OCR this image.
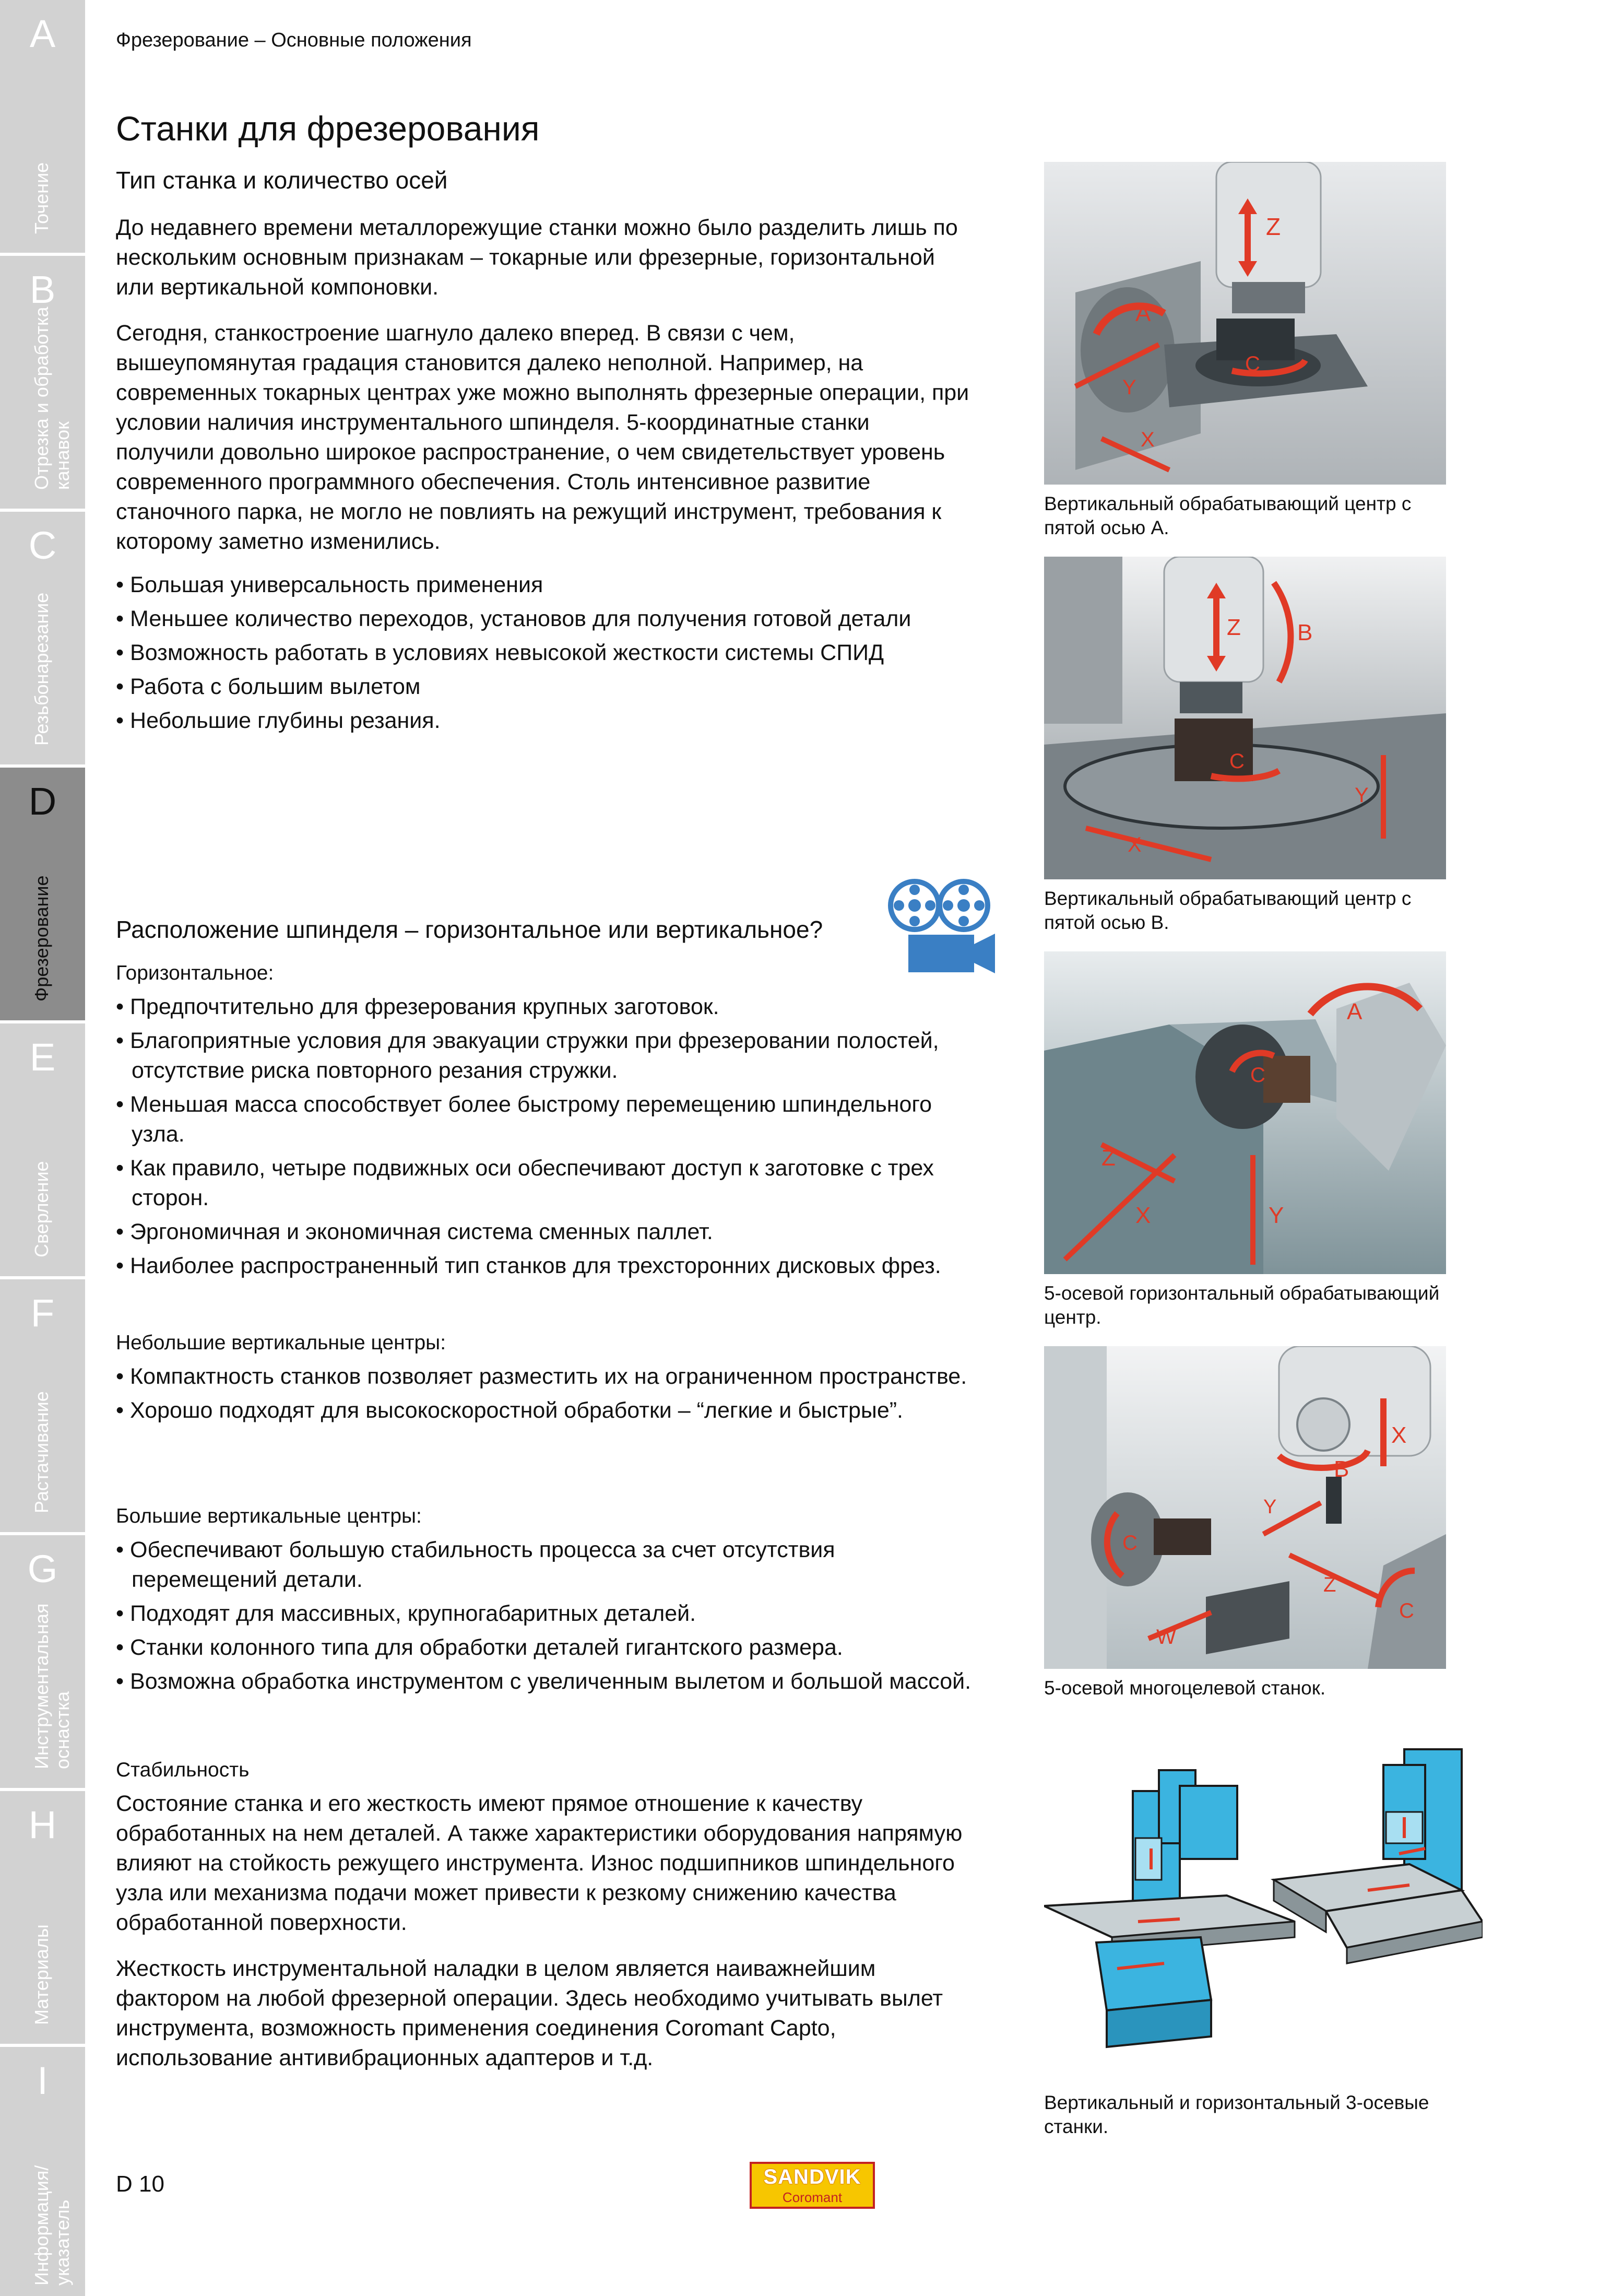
A
Точение
B
Отрезка и обработка канавок
C
Резьбонарезание
D
Фрезерование
E
Сверление
F
Растачивание
G
Инструментальная оснастка
H
Материалы
I
Информация/ указатель
Фрезерование – Основные положения
Станки для фрезерования
Тип станка и количество осей

До недавнего времени металлорежущие станки можно было разделить лишь по нескольким основным признакам – токарные или фрезерные, горизонтальной или вертикальной компоновки.

Сегодня, станкостроение шагнуло далеко вперед. В связи с чем, вышеупомянутая градация становится далеко неполной. Например, на современных токарных центрах уже можно выполнять фрезерные операции, при условии наличия инструментального шпинделя. 5-координатные станки получили довольно широкое распространение, о чем свидетельствует уровень современного программного обеспечения. Столь интенсивное развитие станочного парка, не могло не повлиять на режущий инструмент, требования к которому заметно изменились.

• Большая универсальность применения
• Меньшее количество переходов, установов для получения готовой детали
• Возможность работать в условиях невысокой жесткости системы СПИД
• Работа с большим вылетом
• Небольшие глубины резания.
Расположение шпинделя – горизонтальное или вертикальное?
Горизонтальное:
• Предпочтительно для фрезерования крупных заготовок.
• Благоприятные условия для эвакуации стружки при фрезеровании полостей, отсутствие риска повторного резания стружки.
• Меньшая масса способствует более быстрому перемещению шпиндельного узла.
• Как правило, четыре подвижных оси обеспечивают доступ к заготовке с трех сторон.
• Эргономичная и экономичная система сменных паллет.
• Наиболее распространенный тип станков для трехсторонних дисковых фрез.
Небольшие вертикальные центры:
• Компактность станков позволяет разместить их на ограниченном пространстве.
• Хорошо подходят для высокоскоростной обработки – “легкие и быстрые”.
Большие вертикальные центры:
• Обеспечивают большую стабильность процесса за счет отсутствия перемещений детали.
• Подходят для массивных, крупногабаритных деталей.
• Станки колонного типа для обработки деталей гигантского размера.
• Возможна обработка инструментом с увеличенным вылетом и большой массой.
Стабильность

Состояние станка и его жесткость имеют прямое отношение к качеству обработанных на нем деталей. А также характеристики оборудования напрямую влияют на стойкость режущего инструмента. Износ подшипников шпиндельного узла или механизма подачи может привести к резкому снижению качества обработанной поверхности.

Жесткость инструментальной наладки в целом является наиважнейшим фактором на любой фрезерной операции. Здесь необходимо учитывать вылет инструмента, возможность применения соединения Coromant Capto, использование антивибрационных адаптеров и т.д.

Z
A
C
Y
X
Вертикальный обрабатывающий центр с пятой осью А.
Z B
C
Y
X
Вертикальный обрабатывающий центр с пятой осью В.
A
C
Z
X	Y
5-осевой горизонтальный обрабатывающий центр.
X
B
Y
C
Z
W
C
5-осевой многоцелевой станок.
Вертикальный и горизонтальный 3-осевые станки.
D 10	SANDVIK
Coromant
